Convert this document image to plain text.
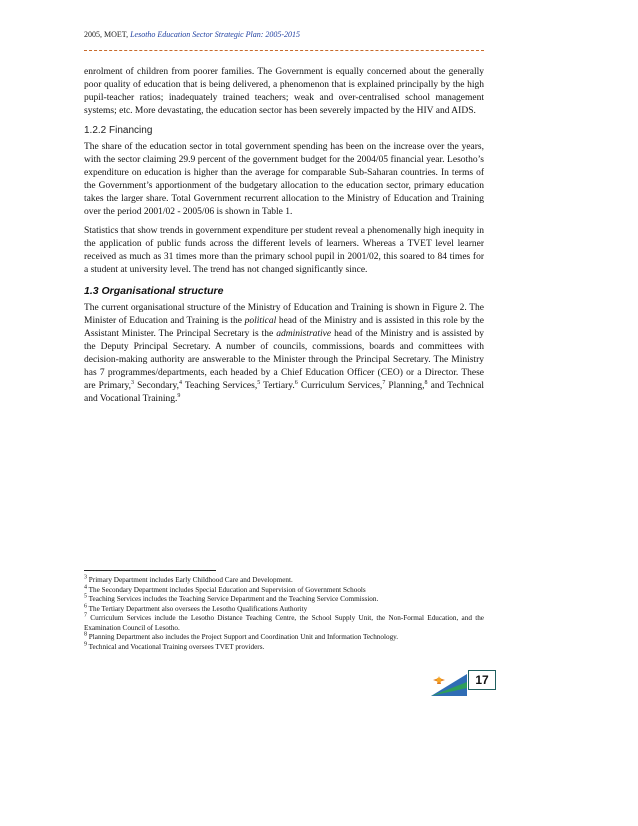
2005, MOET, Lesotho Education Sector Strategic Plan: 2005-2015

enrolment of children from poorer families. The Government is equally concerned about the generally poor quality of education that is being delivered, a phenomenon that is explained principally by the high pupil-teacher ratios; inadequately trained teachers; weak and over-centralised school management systems; etc. More devastating, the education sector has been severely impacted by the HIV and AIDS.

1.2.2 Financing

The share of the education sector in total government spending has been on the increase over the years, with the sector claiming 29.9 percent of the government budget for the 2004/05 financial year. Lesotho’s expenditure on education is higher than the average for comparable Sub-Saharan countries. In terms of the Government’s apportionment of the budgetary allocation to the education sector, primary education takes the larger share. Total Government recurrent allocation to the Ministry of Education and Training over the period 2001/02 - 2005/06 is shown in Table 1.

Statistics that show trends in government expenditure per student reveal a phenomenally high inequity in the application of public funds across the different levels of learners. Whereas a TVET level learner received as much as 31 times more than the primary school pupil in 2001/02, this soared to 84 times for a student at university level. The trend has not changed significantly since.

1.3 Organisational structure

The current organisational structure of the Ministry of Education and Training is shown in Figure 2. The Minister of Education and Training is the political head of the Ministry and is assisted in this role by the Assistant Minister. The Principal Secretary is the administrative head of the Ministry and is assisted by the Deputy Principal Secretary. A number of councils, commissions, boards and committees with decision-making authority are answerable to the Minister through the Principal Secretary. The Ministry has 7 programmes/departments, each headed by a Chief Education Officer (CEO) or a Director. These are Primary,$^3$ Secondary,$^4$ Teaching Services,$^5$ Tertiary.$^6$ Curriculum Services,$^7$ Planning,$^8$ and Technical and Vocational Training.$^9$

$^3$ Primary Department includes Early Childhood Care and Development.
$^4$ The Secondary Department includes Special Education and Supervision of Government Schools
$^5$ Teaching Services includes the Teaching Service Department and the Teaching Service Commission.
$^6$ The Tertiary Department also oversees the Lesotho Qualifications Authority
$^7$ Curriculum Services include the Lesotho Distance Teaching Centre, the School Supply Unit, the Non-Formal Education, and the Examination Council of Lesotho.
$^8$ Planning Department also includes the Project Support and Coordination Unit and Information Technology.
$^9$ Technical and Vocational Training oversees TVET providers.
17
